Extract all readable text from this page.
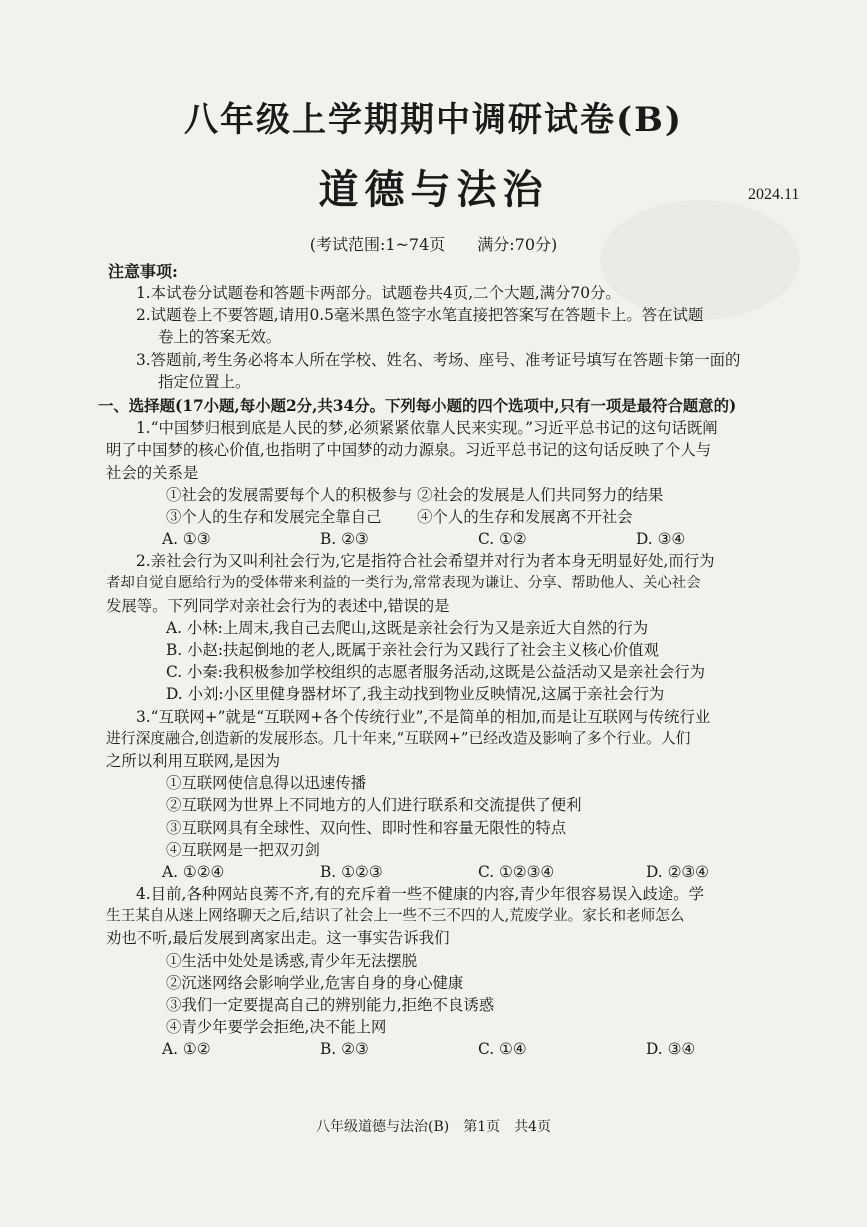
八年级上学期期中调研试卷(B)
道德与法治	2024.11
(考试范围:1~74页　　满分:70分)
注意事项:
1.本试卷分试题卷和答题卡两部分。试题卷共4页,二个大题,满分70分。
2.试题卷上不要答题,请用0.5毫米黑色签字水笔直接把答案写在答题卡上。答在试题
卷上的答案无效。
3.答题前,考生务必将本人所在学校、姓名、考场、座号、准考证号填写在答题卡第一面的
指定位置上。
一、选择题(17小题,每小题2分,共34分。下列每小题的四个选项中,只有一项是最符合题意的)
1.“中国梦归根到底是人民的梦,必须紧紧依靠人民来实现。”习近平总书记的这句话既阐
明了中国梦的核心价值,也指明了中国梦的动力源泉。习近平总书记的这句话反映了个人与
社会的关系是
①社会的发展需要每个人的积极参与 ②社会的发展是人们共同努力的结果
③个人的生存和发展完全靠自己　　 ④个人的生存和发展离不开社会
A. ①③	B. ②③	C. ①②	D. ③④
2.亲社会行为又叫利社会行为,它是指符合社会希望并对行为者本身无明显好处,而行为
者却自觉自愿给行为的受体带来利益的一类行为,常常表现为谦让、分享、帮助他人、关心社会
发展等。下列同学对亲社会行为的表述中,错误的是
A. 小林:上周末,我自己去爬山,这既是亲社会行为又是亲近大自然的行为
B. 小赵:扶起倒地的老人,既属于亲社会行为又践行了社会主义核心价值观
C. 小秦:我积极参加学校组织的志愿者服务活动,这既是公益活动又是亲社会行为
D. 小刘:小区里健身器材坏了,我主动找到物业反映情况,这属于亲社会行为
3.“互联网+”就是“互联网+各个传统行业”,不是简单的相加,而是让互联网与传统行业
进行深度融合,创造新的发展形态。几十年来,“互联网+”已经改造及影响了多个行业。人们
之所以利用互联网,是因为
①互联网使信息得以迅速传播
②互联网为世界上不同地方的人们进行联系和交流提供了便利
③互联网具有全球性、双向性、即时性和容量无限性的特点
④互联网是一把双刃剑
A. ①②④	B. ①②③	C. ①②③④	D. ②③④
4.目前,各种网站良莠不齐,有的充斥着一些不健康的内容,青少年很容易误入歧途。学
生王某自从迷上网络聊天之后,结识了社会上一些不三不四的人,荒废学业。家长和老师怎么
劝也不听,最后发展到离家出走。这一事实告诉我们
①生活中处处是诱惑,青少年无法摆脱
②沉迷网络会影响学业,危害自身的身心健康
③我们一定要提高自己的辨别能力,拒绝不良诱惑
④青少年要学会拒绝,决不能上网
A. ①②	B. ②③	C. ①④	D. ③④
八年级道德与法治(B)　第1页　共4页
